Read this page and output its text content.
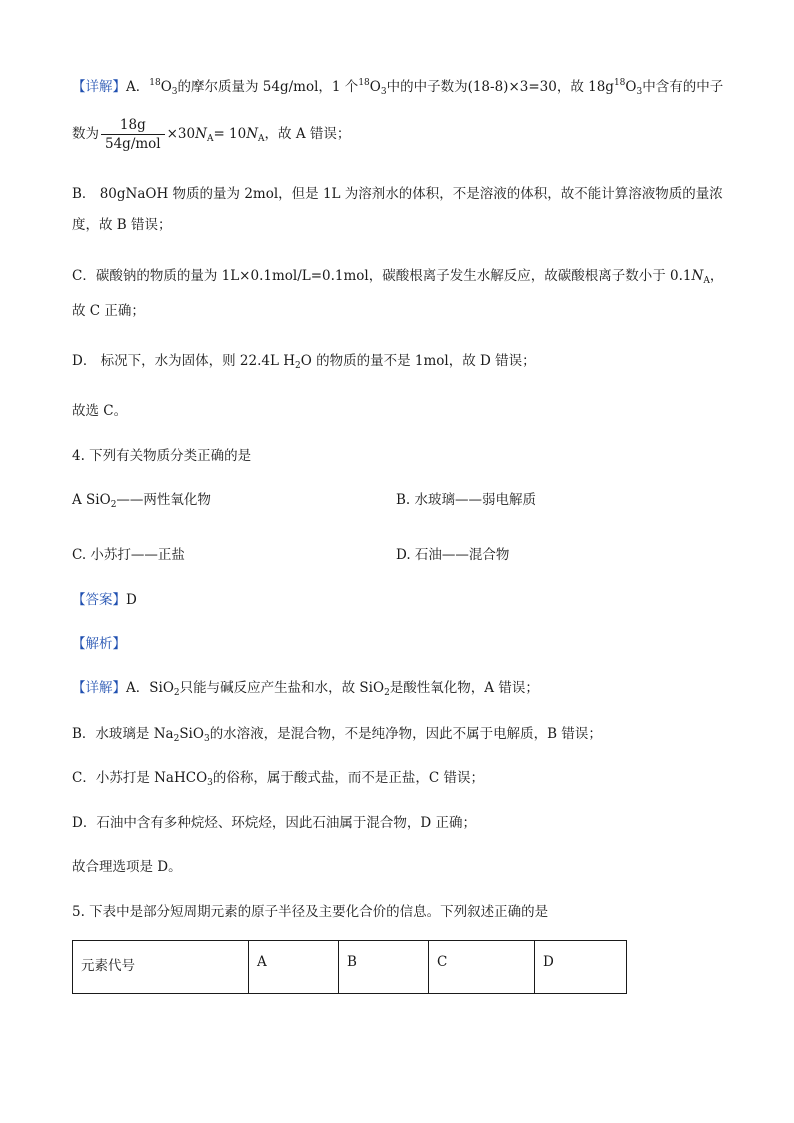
【详解】A．$^{18}O_3$的摩尔质量为 54g/mol，1 个$^{18}O_3$中的中子数为(18-8)×3=30，故 $18g^{18}O_3$中含有的中子
数为 $\frac{18g}{\text{54g/mol}} \times 30N_A= 10N_A$，故 A 错误；
B． 80gNaOH 物质的量为 2mol，但是 1L 为溶剂水的体积，不是溶液的体积，故不能计算溶液物质的量浓
度，故 B 错误；
C．碳酸钠的物质的量为 1L×0.1mol/L=0.1mol，碳酸根离子发生水解反应，故碳酸根离子数小于 $0.1N_A$，
故 C 正确；
D． 标况下，水为固体，则 22.4L $H_2O$ 的物质的量不是 1mol，故 D 错误；
故选 C。
4. 下列有关物质分类正确的是
A SiO$_2$——两性氧化物	B. 水玻璃——弱电解质
C. 小苏打——正盐	D. 石油——混合物
【答案】D
【解析】
【详解】A．SiO$_2$只能与碱反应产生盐和水，故 SiO$_2$是酸性氧化物，A 错误；
B．水玻璃是 $Na_2SiO_3$的水溶液，是混合物，不是纯净物，因此不属于电解质，B 错误；
C．小苏打是 NaHCO$_3$的俗称，属于酸式盐，而不是正盐，C 错误；
D．石油中含有多种烷烃、环烷烃，因此石油属于混合物，D 正确；
故合理选项是 D。
5. 下表中是部分短周期元素的原子半径及主要化合价的信息。下列叙述正确的是
元素代号	A	B	C	D
